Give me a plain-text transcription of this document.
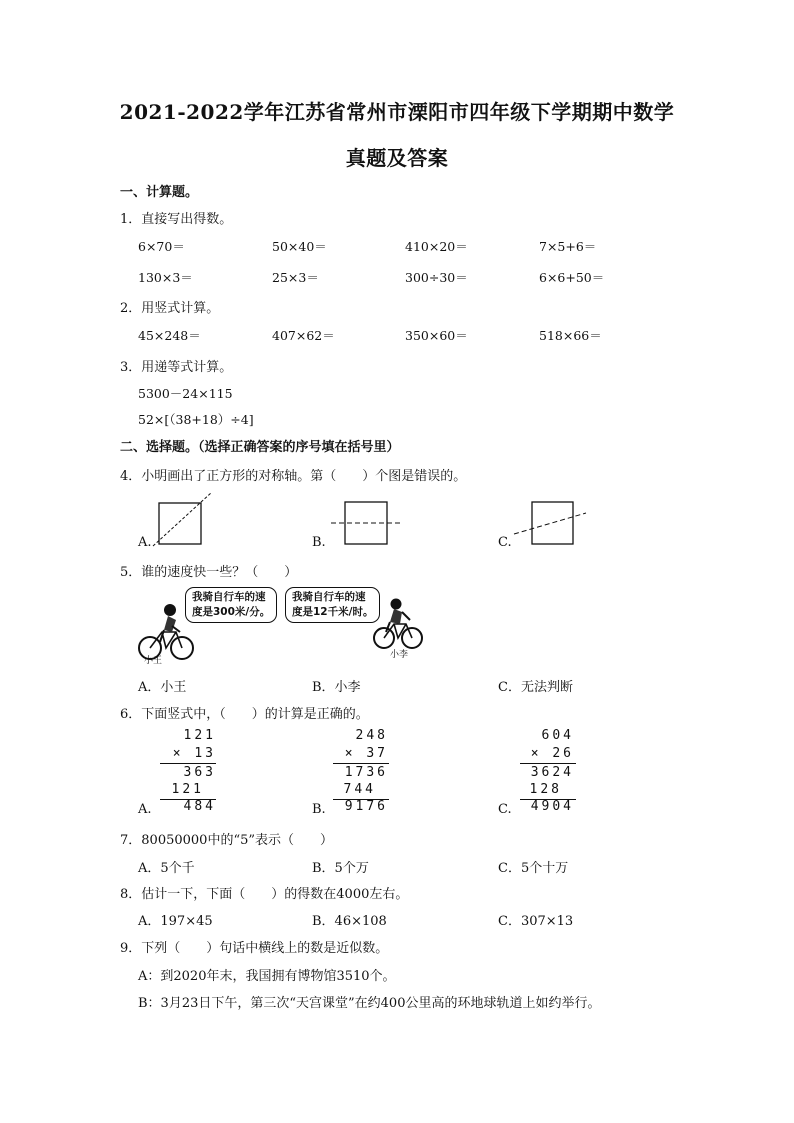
2021-2022学年江苏省常州市溧阳市四年级下学期期中数学
真题及答案
一、计算题。
1．直接写出得数。
6×70＝	50×40＝	410×20＝	7×5+6＝
130×3＝	25×3＝	300÷30＝	6×6+50＝
2．用竖式计算。
45×248＝	407×62＝	350×60＝	518×66＝
3．用递等式计算。
5300－24×115
52×[（38+18）÷4]
二、选择题。（选择正确答案的序号填在括号里）
4．小明画出了正方形的对称轴。第（　　）个图是错误的。
A.	B.	C.
5．谁的速度快一些？（　　）
我骑自行车的速
度是300米/分。
我骑自行车的速
度是12千米/时。
小王
小李
A．小王	B．小李	C．无法判断
6．下面竖式中，（　　）的计算是正确的。
A.
121
× 13
363
121
484	B.
248
× 37
1736
744
9176	C.
604
× 26
3624
128
4904
7．80050000中的“5”表示（　　）
A．5个千	B．5个万	C．5个十万
8．估计一下，下面（　　）的得数在4000左右。
A．197×45	B．46×108	C．307×13
9．下列（　　）句话中横线上的数是近似数。
A：到2020年末，我国拥有博物馆3510个。
B：3月23日下午，第三次“天宫课堂”在约400公里高的环地球轨道上如约举行。
